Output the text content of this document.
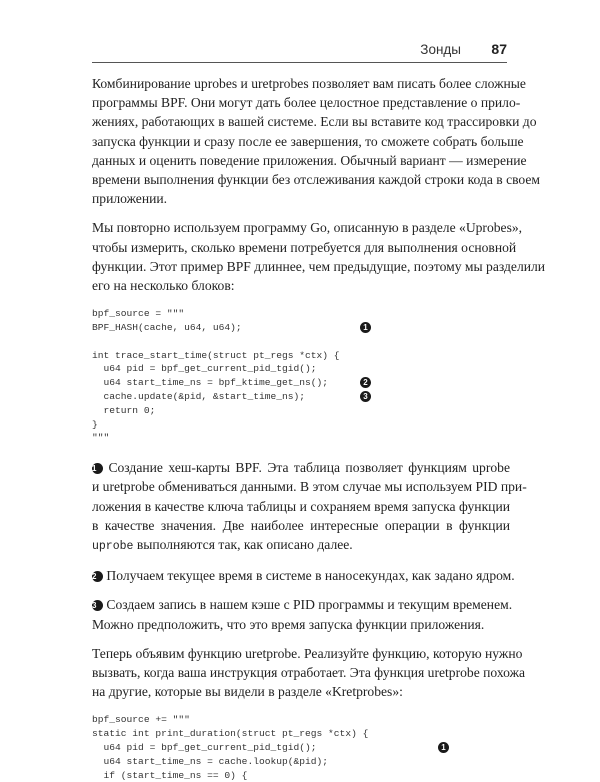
Зонды 87

Комбинирование uprobes и uretprobes позволяет вам писать более сложные
программы BPF. Они могут дать более целостное представление о прило-
жениях, работающих в вашей системе. Если вы вставите код трассировки до
запуска функции и сразу после ее завершения, то сможете собрать больше
данных и оценить поведение приложения. Обычный вариант — измерение
времени выполнения функции без отслеживания каждой строки кода в своем
приложении.

Мы повторно используем программу Go, описанную в разделе «Uprobes»,
чтобы измерить, сколько времени потребуется для выполнения основной
функции. Этот пример BPF длиннее, чем предыдущие, поэтому мы разделили
его на несколько блоков:

bpf_source = """
BPF_HASH(cache, u64, u64);	1
int trace_start_time(struct pt_regs *ctx) {
u64 pid = bpf_get_current_pid_tgid();
u64 start_time_ns = bpf_ktime_get_ns();	2
cache.update(&pid, &start_time_ns);	3
return 0;
}
"""

1 Создание хеш-карты BPF. Эта таблица позволяет функциям uprobe
и uretprobe обмениваться данными. В этом случае мы используем PID при-
ложения в качестве ключа таблицы и сохраняем время запуска функции
в качестве значения. Две наиболее интересные операции в функции
uprobe выполняются так, как описано далее.

2 Получаем текущее время в системе в наносекундах, как задано ядром.

3 Создаем запись в нашем кэше с PID программы и текущим временем.
Можно предположить, что это время запуска функции приложения.

Теперь объявим функцию uretprobe. Реализуйте функцию, которую нужно
вызвать, когда ваша инструкция отработает. Эта функция uretprobe похожа
на другие, которые вы видели в разделе «Kretprobes»:

bpf_source += """
static int print_duration(struct pt_regs *ctx) {
u64 pid = bpf_get_current_pid_tgid();	1
u64 start_time_ns = cache.lookup(&pid);
if (start_time_ns == 0) {
